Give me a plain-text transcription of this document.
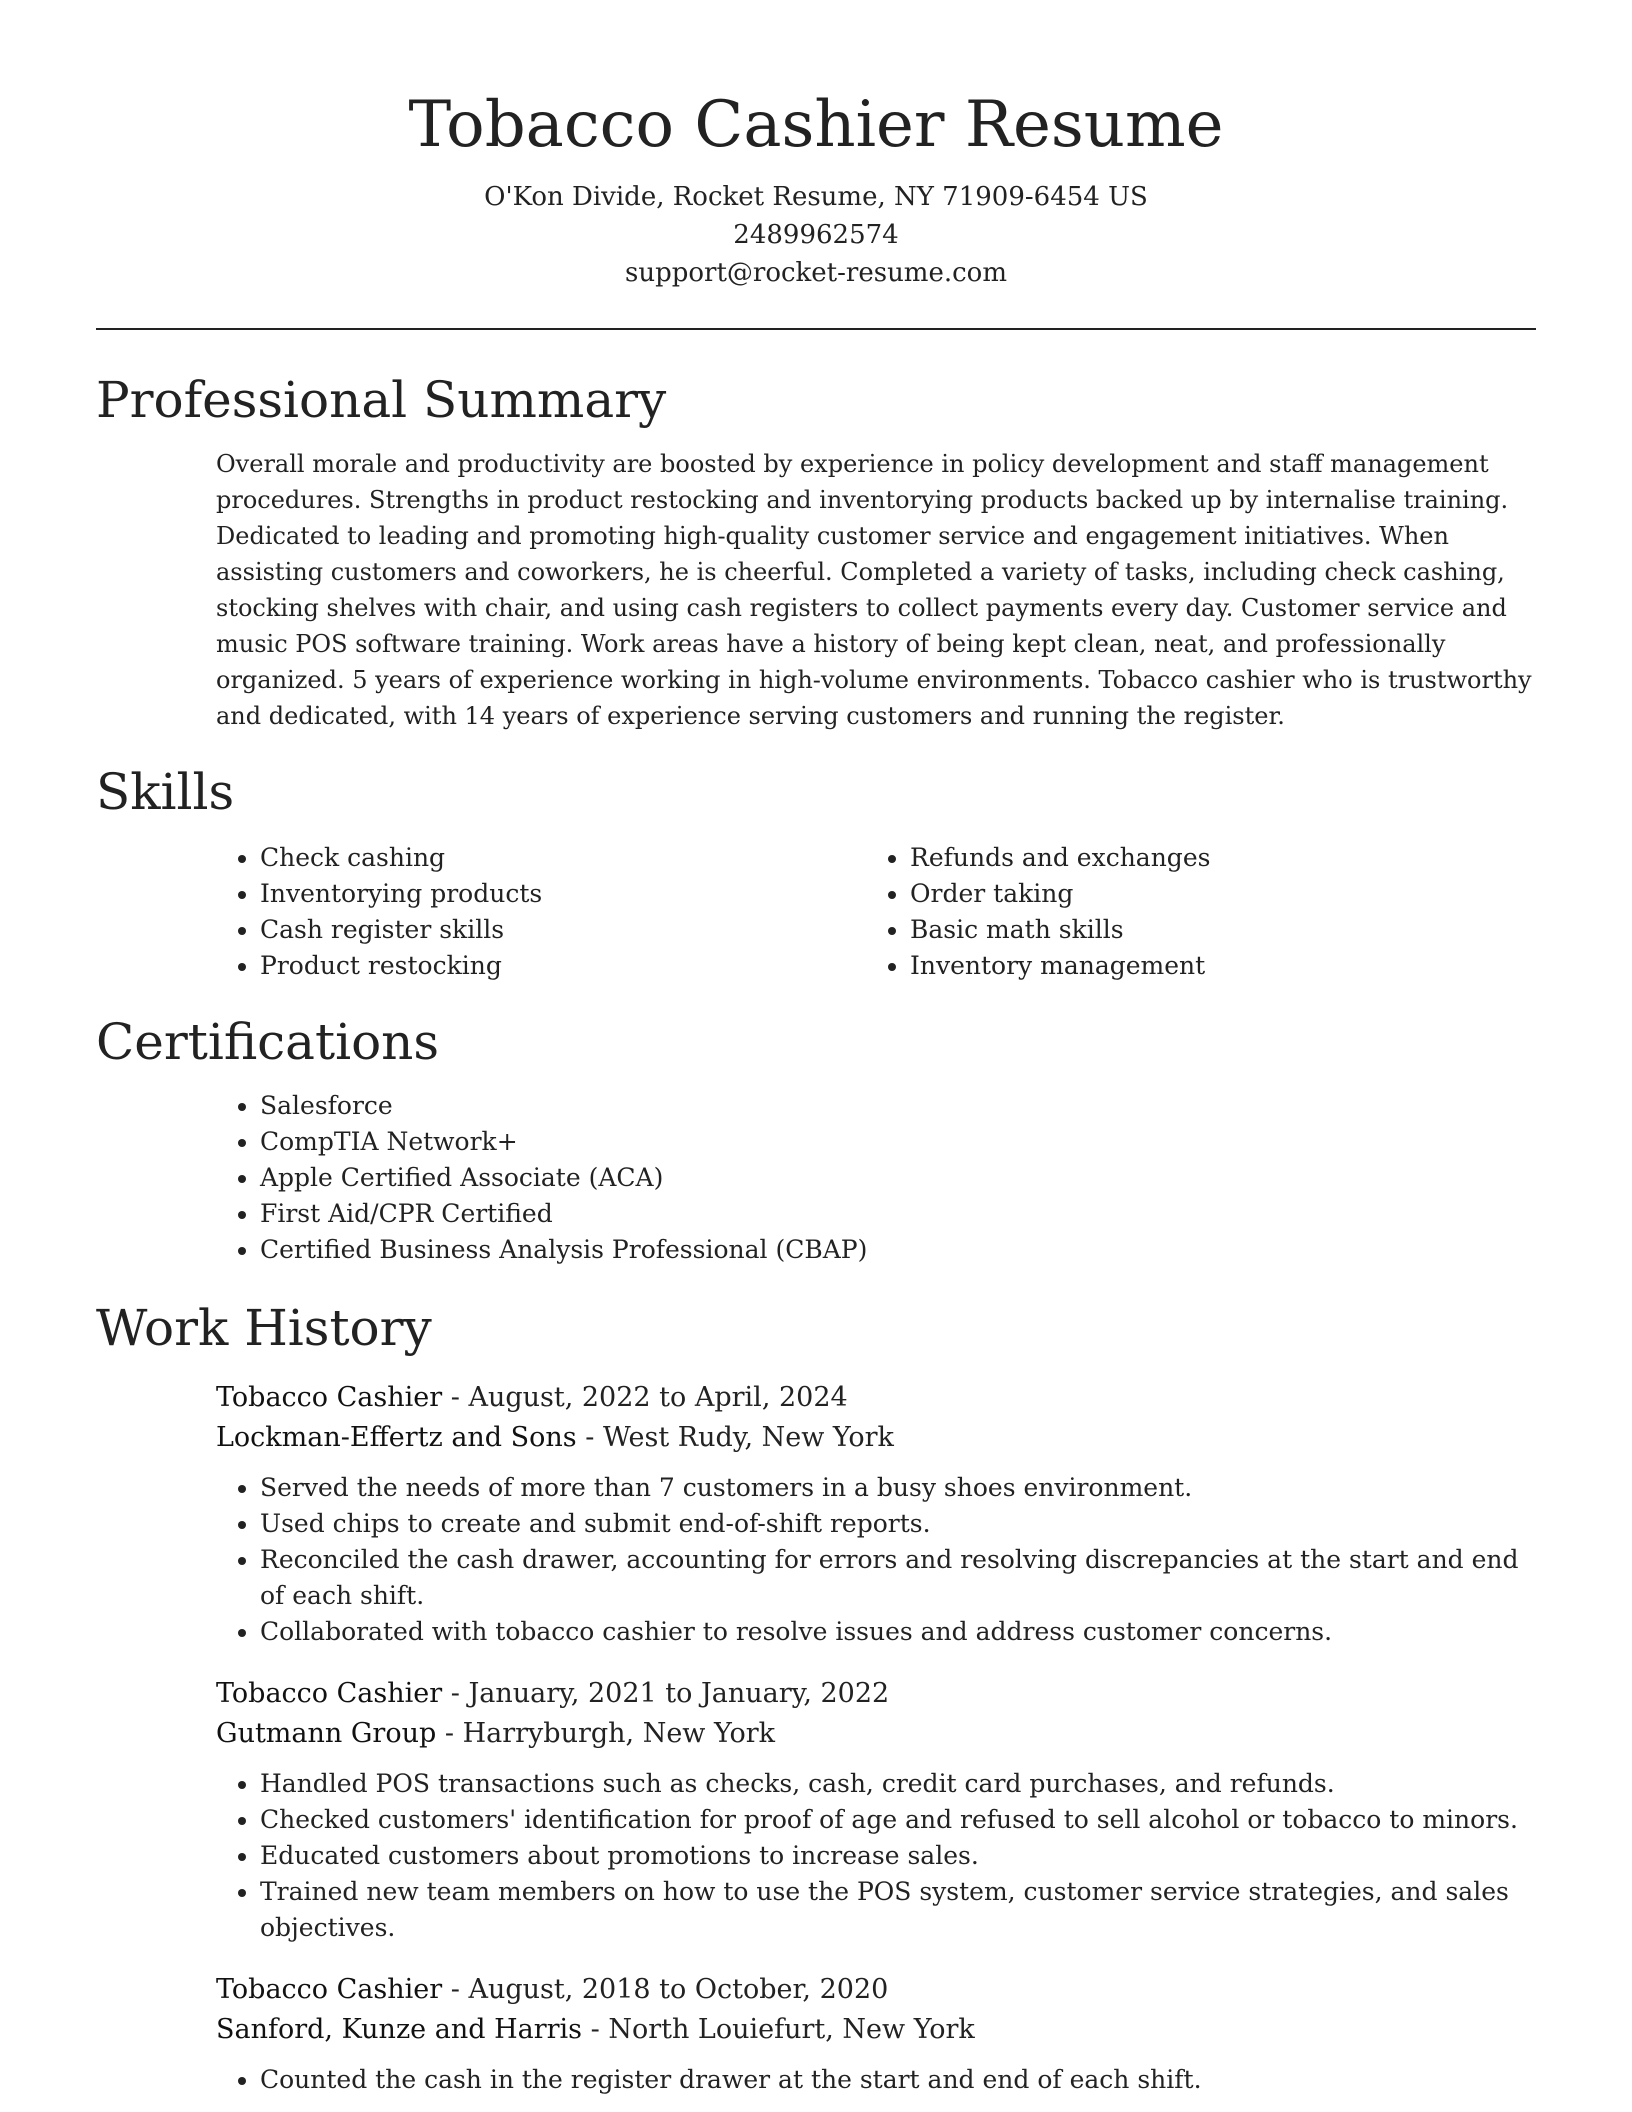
Tobacco Cashier Resume

O'Kon Divide, Rocket Resume, NY 71909-6454 US

2489962574

support@rocket-resume.com

Professional Summary

Overall morale and productivity are boosted by experience in policy development and staff management procedures. Strengths in product restocking and inventorying products backed up by internalise training. Dedicated to leading and promoting high-quality customer service and engagement initiatives. When assisting customers and coworkers, he is cheerful. Completed a variety of tasks, including check cashing, stocking shelves with chair, and using cash registers to collect payments every day. Customer service and music POS software training. Work areas have a history of being kept clean, neat, and professionally organized. 5 years of experience working in high-volume environments. Tobacco cashier who is trustworthy and dedicated, with 14 years of experience serving customers and running the register.

Skills
• Check cashing
• Inventorying products
• Cash register skills
• Product restocking
• Refunds and exchanges
• Order taking
• Basic math skills
• Inventory management
Certifications
• Salesforce
• CompTIA Network+
• Apple Certified Associate (ACA)
• First Aid/CPR Certified
• Certified Business Analysis Professional (CBAP)
Work History

Tobacco Cashier - August, 2022 to April, 2024

Lockman-Effertz and Sons - West Rudy, New York

• Served the needs of more than 7 customers in a busy shoes environment.
• Used chips to create and submit end-of-shift reports.
• Reconciled the cash drawer, accounting for errors and resolving discrepancies at the start and end of each shift.
• Collaborated with tobacco cashier to resolve issues and address customer concerns.

Tobacco Cashier - January, 2021 to January, 2022

Gutmann Group - Harryburgh, New York

• Handled POS transactions such as checks, cash, credit card purchases, and refunds.
• Checked customers' identification for proof of age and refused to sell alcohol or tobacco to minors.
• Educated customers about promotions to increase sales.
• Trained new team members on how to use the POS system, customer service strategies, and sales objectives.

Tobacco Cashier - August, 2018 to October, 2020

Sanford, Kunze and Harris - North Louiefurt, New York

• Counted the cash in the register drawer at the start and end of each shift.
